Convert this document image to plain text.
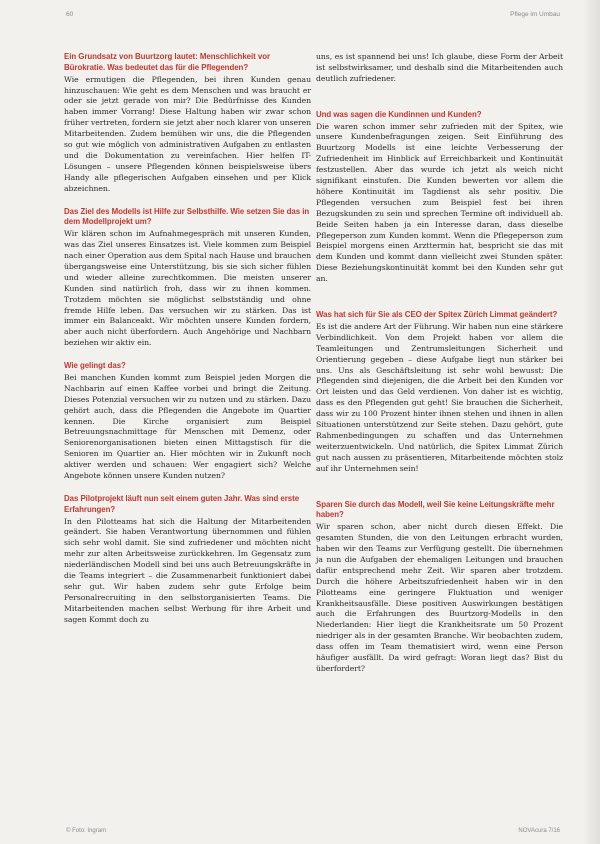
60	Pflege im Umbau
Ein Grundsatz von Buurtzorg lautet: Menschlichkeit vor Bürokratie. Was bedeutet das für die Pflegenden?

Wie ermutigen die Pflegenden, bei ihren Kunden genau hinzuschauen: Wie geht es dem Menschen und was braucht er oder sie jetzt gerade von mir? Die Bedürfnisse des Kunden haben immer Vorrang! Diese Haltung haben wir zwar schon früher vertreten, fordern sie jetzt aber noch klarer von unseren Mitarbeitenden. Zudem bemühen wir uns, die die Pflegenden so gut wie möglich von administrativen Aufgaben zu entlasten und die Dokumentation zu vereinfachen. Hier helfen IT-Lösungen – unsere Pflegenden können beispielsweise übers Handy alle pflegerischen Aufgaben einsehen und per Klick abzeichnen.

Das Ziel des Modells ist Hilfe zur Selbsthilfe. Wie setzen Sie das in dem Modellprojekt um?

Wir klären schon im Aufnahmegespräch mit unseren Kunden, was das Ziel unseres Einsatzes ist. Viele kommen zum Beispiel nach einer Operation aus dem Spital nach Hause und brauchen übergangsweise eine Unterstützung, bis sie sich sicher fühlen und wieder alleine zurechtkommen. Die meisten unserer Kunden sind natürlich froh, dass wir zu ihnen kommen. Trotzdem möchten sie möglichst selbstständig und ohne fremde Hilfe leben. Das versuchen wir zu stärken. Das ist immer ein Balanceakt. Wir möchten unsere Kunden fordern, aber auch nicht überfordern. Auch Angehörige und Nachbarn beziehen wir aktiv ein.

Wie gelingt das?

Bei manchen Kunden kommt zum Beispiel jeden Morgen die Nachbarin auf einen Kaffee vorbei und bringt die Zeitung. Dieses Potenzial versuchen wir zu nutzen und zu stärken. Dazu gehört auch, dass die Pflegenden die Angebote im Quartier kennen. Die Kirche organisiert zum Beispiel Betreuungsnachmittage für Menschen mit Demenz, oder Seniorenorganisationen bieten einen Mittagstisch für die Senioren im Quartier an. Hier möchten wir in Zukunft noch aktiver werden und schauen: Wer engagiert sich? Welche Angebote können unsere Kunden nutzen?

Das Pilotprojekt läuft nun seit einem guten Jahr. Was sind erste Erfahrungen?

In den Pilotteams hat sich die Haltung der Mitarbeitenden geändert. Sie haben Verantwortung übernommen und fühlen sich sehr wohl damit. Sie sind zufriedener und möchten nicht mehr zur alten Arbeitsweise zurückkehren. Im Gegensatz zum niederländischen Modell sind bei uns auch Betreuungskräfte in die Teams integriert – die Zusammenarbeit funktioniert dabei sehr gut. Wir haben zudem sehr gute Erfolge beim Personalrecruiting in den selbstorganisierten Teams. Die Mitarbeitenden machen selbst Werbung für ihre Arbeit und sagen Kommt doch zu

uns, es ist spannend bei uns! Ich glaube, diese Form der Arbeit ist selbstwirksamer, und deshalb sind die Mitarbeitenden auch deutlich zufriedener.

Und was sagen die Kundinnen und Kunden?

Die waren schon immer sehr zufrieden mit der Spitex, wie unsere Kundenbefragungen zeigen. Seit Einführung des Buurtzorg Modells ist eine leichte Verbesserung der Zufriedenheit im Hinblick auf Erreichbarkeit und Kontinuität festzustellen. Aber das wurde ich jetzt als weich nicht signifikant einstufen. Die Kunden bewerten vor allem die höhere Kontinuität im Tagdienst als sehr positiv. Die Pflegenden versuchen zum Beispiel fest bei ihren Bezugskunden zu sein und sprechen Termine oft individuell ab. Beide Seiten haben ja ein Interesse daran, dass dieselbe Pflegeperson zum Kunden kommt. Wenn die Pflegeperson zum Beispiel morgens einen Arzttermin hat, bespricht sie das mit dem Kunden und kommt dann vielleicht zwei Stunden später. Diese Beziehungskontinuität kommt bei den Kunden sehr gut an.

Was hat sich für Sie als CEO der Spitex Zürich Limmat geändert?

Es ist die andere Art der Führung. Wir haben nun eine stärkere Verbindlichkeit. Von dem Projekt haben vor allem die Teamleitungen und Zentrumsleitungen Sicherheit und Orientierung gegeben – diese Aufgabe liegt nun stärker bei uns. Uns als Geschäftsleitung ist sehr wohl bewusst: Die Pflegenden sind diejenigen, die die Arbeit bei den Kunden vor Ort leisten und das Geld verdienen. Von daher ist es wichtig, dass es den Pflegenden gut geht! Sie brauchen die Sicherheit, dass wir zu 100 Prozent hinter ihnen stehen und ihnen in allen Situationen unterstützend zur Seite stehen. Dazu gehört, gute Rahmenbedingungen zu schaffen und das Unternehmen weiterzuentwickeln. Und natürlich, die Spitex Limmat Zürich gut nach aussen zu präsentieren, Mitarbeitende möchten stolz auf ihr Unternehmen sein!

Sparen Sie durch das Modell, weil Sie keine Leitungskräfte mehr haben?

Wir sparen schon, aber nicht durch diesen Effekt. Die gesamten Stunden, die von den Leitungen erbracht wurden, haben wir den Teams zur Verfügung gestellt. Die übernehmen ja nun die Aufgaben der ehemaligen Leitungen und brauchen dafür entsprechend mehr Zeit. Wir sparen aber trotzdem. Durch die höhere Arbeitszufriedenheit haben wir in den Pilotteams eine geringere Fluktuation und weniger Krankheitsausfälle. Diese positiven Auswirkungen bestätigen auch die Erfahrungen des Buurtzorg-Modells in den Niederlanden: Hier liegt die Krankheitsrate um 50 Prozent niedriger als in der gesamten Branche. Wir beobachten zudem, dass offen im Team thematisiert wird, wenn eine Person häufiger ausfällt. Da wird gefragt: Woran liegt das? Bist du überfordert?

© Foto: Ingram	NOVAcura 7/16
